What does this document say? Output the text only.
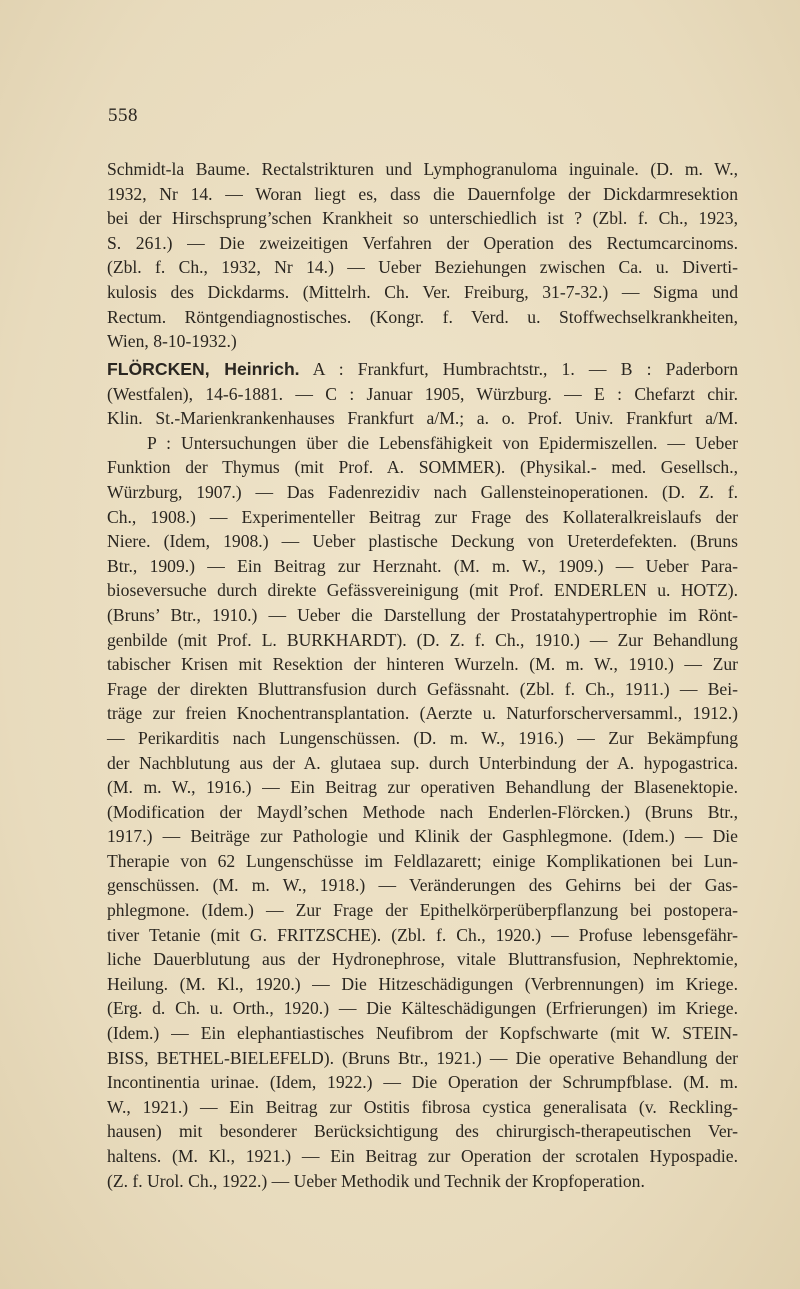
558
Schmidt-la Baume. Rectalstrikturen und Lymphogranuloma inguinale. (D. m. W.,
1932, Nr 14. — Woran liegt es, dass die Dauernfolge der Dickdarmresektion
bei der Hirschsprung’schen Krankheit so unterschiedlich ist ? (Zbl. f. Ch., 1923,
S. 261.) — Die zweizeitigen Verfahren der Operation des Rectumcarcinoms.
(Zbl. f. Ch., 1932, Nr 14.) — Ueber Beziehungen zwischen Ca. u. Diverti-
kulosis des Dickdarms. (Mittelrh. Ch. Ver. Freiburg, 31-7-32.) — Sigma und
Rectum. Röntgendiagnostisches. (Kongr. f. Verd. u. Stoffwechselkrankheiten,
Wien, 8-10-1932.)
FLÖRCKEN, Heinrich. A : Frankfurt, Humbrachtstr., 1. — B : Paderborn
(Westfalen), 14-6-1881. — C : Januar 1905, Würzburg. — E : Chefarzt chir.
Klin. St.-Marienkrankenhauses Frankfurt a/M.; a. o. Prof. Univ. Frankfurt a/M.
P : Untersuchungen über die Lebensfähigkeit von Epidermiszellen. — Ueber
Funktion der Thymus (mit Prof. A. SOMMER). (Physikal.- med. Gesellsch.,
Würzburg, 1907.) — Das Fadenrezidiv nach Gallensteinoperationen. (D. Z. f.
Ch., 1908.) — Experimenteller Beitrag zur Frage des Kollateralkreislaufs der
Niere. (Idem, 1908.) — Ueber plastische Deckung von Ureterdefekten. (Bruns
Btr., 1909.) — Ein Beitrag zur Herznaht. (M. m. W., 1909.) — Ueber Para-
bioseversuche durch direkte Gefässvereinigung (mit Prof. ENDERLEN u. HOTZ).
(Bruns’ Btr., 1910.) — Ueber die Darstellung der Prostatahypertrophie im Rönt-
genbilde (mit Prof. L. BURKHARDT). (D. Z. f. Ch., 1910.) — Zur Behandlung
tabischer Krisen mit Resektion der hinteren Wurzeln. (M. m. W., 1910.) — Zur
Frage der direkten Bluttransfusion durch Gefässnaht. (Zbl. f. Ch., 1911.) — Bei-
träge zur freien Knochentransplantation. (Aerzte u. Naturforscherversamml., 1912.)
— Perikarditis nach Lungenschüssen. (D. m. W., 1916.) — Zur Bekämpfung
der Nachblutung aus der A. glutaea sup. durch Unterbindung der A. hypogastrica.
(M. m. W., 1916.) — Ein Beitrag zur operativen Behandlung der Blasenektopie.
(Modification der Maydl’schen Methode nach Enderlen-Flörcken.) (Bruns Btr.,
1917.) — Beiträge zur Pathologie und Klinik der Gasphlegmone. (Idem.) — Die
Therapie von 62 Lungenschüsse im Feldlazarett; einige Komplikationen bei Lun-
genschüssen. (M. m. W., 1918.) — Veränderungen des Gehirns bei der Gas-
phlegmone. (Idem.) — Zur Frage der Epithelkörperüberpflanzung bei postopera-
tiver Tetanie (mit G. FRITZSCHE). (Zbl. f. Ch., 1920.) — Profuse lebensgefähr-
liche Dauerblutung aus der Hydronephrose, vitale Bluttransfusion, Nephrektomie,
Heilung. (M. Kl., 1920.) — Die Hitzeschädigungen (Verbrennungen) im Kriege.
(Erg. d. Ch. u. Orth., 1920.) — Die Kälteschädigungen (Erfrierungen) im Kriege.
(Idem.) — Ein elephantiastisches Neufibrom der Kopfschwarte (mit W. STEIN-
BISS, BETHEL-BIELEFELD). (Bruns Btr., 1921.) — Die operative Behandlung der
Incontinentia urinae. (Idem, 1922.) — Die Operation der Schrumpfblase. (M. m.
W., 1921.) — Ein Beitrag zur Ostitis fibrosa cystica generalisata (v. Reckling-
hausen) mit besonderer Berücksichtigung des chirurgisch-therapeutischen Ver-
haltens. (M. Kl., 1921.) — Ein Beitrag zur Operation der scrotalen Hypospadie.
(Z. f. Urol. Ch., 1922.) — Ueber Methodik und Technik der Kropfoperation.
